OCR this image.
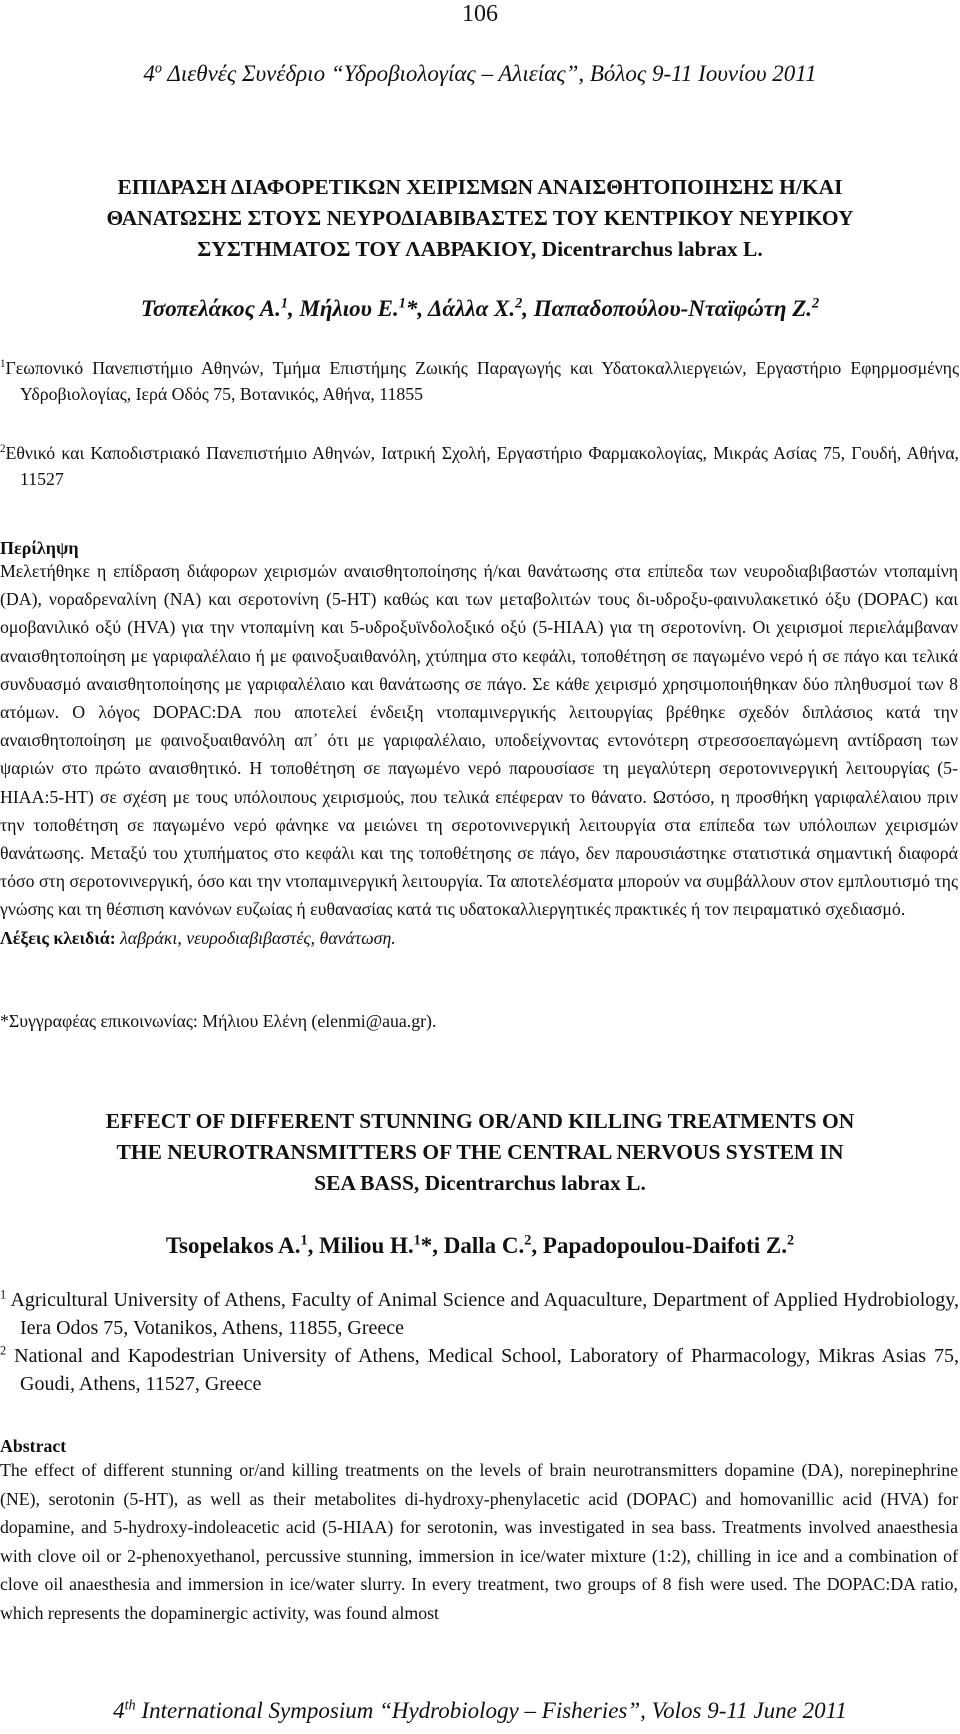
106
$4^o$ Διεθνές Συνέδριο “Υδροβιολογίας – Αλιείας”, Βόλος 9-11 Ιουνίου 2011
ΕΠΙΔΡΑΣΗ ΔΙΑΦΟΡΕΤΙΚΩΝ ΧΕΙΡΙΣΜΩΝ ΑΝΑΙΣΘΗΤΟΠΟΙΗΣΗΣ Η/ΚΑΙ
ΘΑΝΑΤΩΣΗΣ ΣΤΟΥΣ ΝΕΥΡΟΔΙΑΒΙΒΑΣΤΕΣ ΤΟΥ ΚΕΝΤΡΙΚΟΥ ΝΕΥΡΙΚΟΥ
ΣΥΣΤΗΜΑΤΟΣ ΤΟΥ ΛΑΒΡΑΚΙΟΥ, Dicentrarchus labrax L.
Τσοπελάκος Α.$^1$, Μήλιου Ε.$^1$*, Δάλλα Χ.$^2$, Παπαδοπούλου-Νταϊφώτη Ζ.$^2$
$^1$Γεωπονικό Πανεπιστήμιο Αθηνών, Τμήμα Επιστήμης Ζωικής Παραγωγής και Υδατοκαλλιεργειών, Εργαστήριο Εφηρμοσμένης Υδροβιολογίας, Ιερά Οδός 75, Βοτανικός, Αθήνα, 11855
$^2$Εθνικό και Καποδιστριακό Πανεπιστήμιο Αθηνών, Ιατρική Σχολή, Εργαστήριο Φαρμακολογίας, Μικράς Ασίας 75, Γουδή, Αθήνα, 11527
Περίληψη
Μελετήθηκε η επίδραση διάφορων χειρισμών αναισθητοποίησης ή/και θανάτωσης στα επίπεδα των νευροδιαβιβαστών ντοπαμίνη (DA), νοραδρεναλίνη (NA) και σεροτονίνη (5-HT) καθώς και των μεταβολιτών τους δι-υδροξυ-φαινυλακετικό όξυ (DOPAC) και ομοβανιλικό οξύ (HVA) για την ντοπαμίνη και 5-υδροξυϊνδολοξικό οξύ (5-HIAA) για τη σεροτονίνη. Οι χειρισμοί περιελάμβαναν αναισθητοποίηση με γαριφαλέλαιο ή με φαινοξυαιθανόλη, χτύπημα στο κεφάλι, τοποθέτηση σε παγωμένο νερό ή σε πάγο και τελικά συνδυασμό αναισθητοποίησης με γαριφαλέλαιο και θανάτωσης σε πάγο. Σε κάθε χειρισμό χρησιμοποιήθηκαν δύο πληθυσμοί των 8 ατόμων. Ο λόγος DOPAC:DA που αποτελεί ένδειξη ντοπαμινεργικής λειτουργίας βρέθηκε σχεδόν διπλάσιος κατά την αναισθητοποίηση με φαινοξυαιθανόλη απ᾽ ότι με γαριφαλέλαιο, υποδείχνοντας εντονότερη στρεσσοεπαγώμενη αντίδραση των ψαριών στο πρώτο αναισθητικό. Η τοποθέτηση σε παγωμένο νερό παρουσίασε τη μεγαλύτερη σεροτονινεργική λειτουργίας (5-HIAA:5-HT) σε σχέση με τους υπόλοιπους χειρισμούς, που τελικά επέφεραν το θάνατο. Ωστόσο, η προσθήκη γαριφαλέλαιου πριν την τοποθέτηση σε παγωμένο νερό φάνηκε να μειώνει τη σεροτονινεργική λειτουργία στα επίπεδα των υπόλοιπων χειρισμών θανάτωσης. Μεταξύ του χτυπήματος στο κεφάλι και της τοποθέτησης σε πάγο, δεν παρουσιάστηκε στατιστικά σημαντική διαφορά τόσο στη σεροτονινεργική, όσο και την ντοπαμινεργική λειτουργία. Τα αποτελέσματα μπορούν να συμβάλλουν στον εμπλουτισμό της γνώσης και τη θέσπιση κανόνων ευζωίας ή ευθανασίας κατά τις υδατοκαλλιεργητικές πρακτικές ή τον πειραματικό σχεδιασμό.
Λέξεις κλειδιά: λαβράκι, νευροδιαβιβαστές, θανάτωση.
*Συγγραφέας επικοινωνίας: Μήλιου Ελένη (elenmi@aua.gr).
EFFECT OF DIFFERENT STUNNING OR/AND KILLING TREATMENTS ON
THE NEUROTRANSMITTERS OF THE CENTRAL NERVOUS SYSTEM IN
SEA BASS, Dicentrarchus labrax L.
Tsopelakos A.$^1$, Miliou H.$^1$*, Dalla C.$^2$, Papadopoulou-Daifoti Z.$^2$
$^1$ Agricultural University of Athens, Faculty of Animal Science and Aquaculture, Department of Applied Hydrobiology, Iera Odos 75, Votanikos, Athens, 11855, Greece
$^2$ National and Kapodestrian University of Athens, Medical School, Laboratory of Pharmacology, Mikras Asias 75, Goudi, Athens, 11527, Greece
Abstract
The effect of different stunning or/and killing treatments on the levels of brain neurotransmitters dopamine (DA), norepinephrine (NE), serotonin (5-HT), as well as their metabolites di-hydroxy-phenylacetic acid (DOPAC) and homovanillic acid (HVA) for dopamine, and 5-hydroxy-indoleacetic acid (5-HIAA) for serotonin, was investigated in sea bass. Treatments involved anaesthesia with clove oil or 2-phenoxyethanol, percussive stunning, immersion in ice/water mixture (1:2), chilling in ice and a combination of clove oil anaesthesia and immersion in ice/water slurry. In every treatment, two groups of 8 fish were used. The DOPAC:DA ratio, which represents the dopaminergic activity, was found almost
4th International Symposium “Hydrobiology – Fisheries”, Volos 9-11 June 2011
